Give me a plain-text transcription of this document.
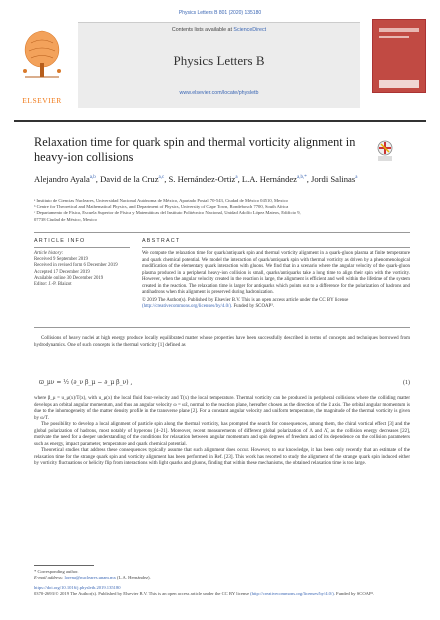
Physics Letters B 801 (2020) 135180
ELSEVIER
Contents lists available at ScienceDirect
Physics Letters B
www.elsevier.com/locate/physletb
Relaxation time for quark spin and thermal vorticity alignment in heavy-ion collisions
Alejandro Ayala$^{a,b}$, David de la Cruz$^{a,c}$, S. Hernández-Ortiz$^a$, L.A. Hernández$^{a,b,*}$, Jordi Salinas$^a$
ᵃ Instituto de Ciencias Nucleares, Universidad Nacional Autónoma de México, Apartado Postal 70-543, Ciudad de México 04510, Mexico
ᵇ Centre for Theoretical and Mathematical Physics, and Department of Physics, University of Cape Town, Rondebosch 7700, South Africa
ᶜ Departamento de Física, Escuela Superior de Física y Matemáticas del Instituto Politécnico Nacional, Unidad Adolfo López Mateos, Edificio 9,
07738 Ciudad de México, Mexico
ARTICLE INFO	ABSTRACT
Article history:
Received 9 September 2019
Received in revised form 6 December 2019
Accepted 17 December 2019
Available online 30 December 2019
Editor: J.-P. Blaizot
We compute the relaxation time for quark/antiquark spin and thermal vorticity alignment in a quark-gluon plasma at finite temperature and quark chemical potential. We model the interaction of quark/antiquark spin with thermal vorticity as driven by a phenomenological modification of the elementary quark interaction with gluons. We find that in a scenario where the angular velocity of the quark-gluon plasma produced in a peripheral heavy-ion collision is small, quarks/antiquarks take a long time to align their spin with the vorticity. However, when the angular velocity created in the reaction is large, the alignment is efficient and well within the lifetime of the system created in the reaction. The relaxation time is larger for antiquarks which points out to a difference for the polarization of hadrons and antihadrons when this alignment is preserved during hadronization.
© 2019 The Author(s). Published by Elsevier B.V. This is an open access article under the CC BY license
(http://creativecommons.org/licenses/by/4.0/). Funded by SCOAP³.

Collisions of heavy nuclei at high energy produce locally equilibrated matter whose properties have been successfully described in terms of concepts and techniques borrowed from hydrodynamics. One of such concepts is the thermal vorticity [1] defined as

ϖ_μν = ½ (∂_ν β_μ − ∂_μ β_ν) ,	(1)

where β_μ = u_μ(x)/T(x), with u_μ(x) the local fluid four-velocity and T(x) the local temperature. Thermal vorticity can be produced in peripheral collisions where the colliding matter develops an orbital angular momentum, and thus an angular velocity ω = ωẑ, normal to the reaction plane, hereafter chosen as the direction of the ẑ axis. The orbital angular momentum is due to the inhomogeneity of the matter density profile in the transverse plane [2]. For a constant angular velocity and uniform temperature, the magnitude of the thermal vorticity is given by ω/T.

The possibility to develop a local alignment of particle spin along the thermal vorticity, has prompted the search for consequences, among them, the chiral vortical effect [3] and the global polarization of hadrons, most notably of hyperons [4–21]. Moreover, recent measurements of different global polarization of Λ and Λ̄, as the collision energy decreases [22], motivate the need for a deeper understanding of the conditions for relaxation between angular momentum and spin degrees of freedom and of its dependence on the collision parameters such as energy, impact parameter, temperature and quark chemical potential.

Theoretical studies that address these consequences typically assume that such alignment does occur. However, to our knowledge, it has been only recently that an estimate of the relaxation time for the strange quark spin and vorticity alignment has been performed in Ref. [23]. This work has resorted to study the alignment of the strange quark spin induced either by vorticity fluctuations or helicity flip from interactions with light quarks and gluons, finding that within these mechanisms, the obtained relaxation time is too large.

* Corresponding author.
E-mail address: lorena@nucleares.unam.mx (L.A. Hernández).
https://doi.org/10.1016/j.physletb.2019.135180
0370-2693/© 2019 The Author(s). Published by Elsevier B.V. This is an open access article under the CC BY license (http://creativecommons.org/licenses/by/4.0/). Funded by SCOAP³.
